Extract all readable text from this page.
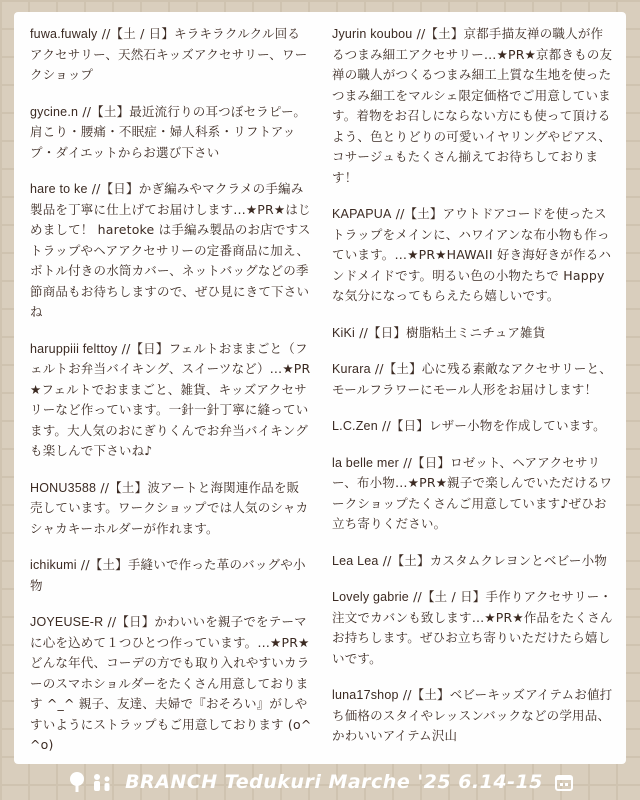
fuwa.fuwaly //【土 / 日】キラキラクルクル回るアクセサリー、天然石キッズアクセサリー、ワークショップ

gycine.n //【土】最近流行りの耳つぼセラピー。肩こり・腰痛・不眠症・婦人科系・リフトアップ・ダイエットからお選び下さい

hare to ke //【日】かぎ編みやマクラメの手編み製品を丁寧に仕上げてお届けします…★PR★はじめまして！ haretoke は手編み製品のお店ですストラップやヘアアクセサリーの定番商品に加え、ボトル付きの水筒カバー、ネットバッグなどの季節商品もお待ちしますので、ぜひ見にきて下さいね

haruppiii felttoy //【日】フェルトおままごと（フェルトお弁当バイキング、スイーツなど）…★PR★フェルトでおままごと、雑貨、キッズアクセサリーなど作っています。一針一針丁寧に縫っています。大人気のおにぎりくんでお弁当バイキングも楽しんで下さいね♪

HONU3588 //【土】波アートと海関連作品を販売しています。ワークショップでは人気のシャカシャカキーホルダーが作れます。

ichikumi //【土】手縫いで作った革のバッグや小物

JOYEUSE-R //【日】かわいいを親子でをテーマに心を込めて１つひとつ作っています。…★PR★どんな年代、コーデの方でも取り入れやすいカラーのスマホショルダーをたくさん用意しております ^_^ 親子、友達、夫婦で『おそろい』がしやすいようにストラップもご用意しております (o^^o)

Jyurin koubou //【土】京都手描友禅の職人が作るつまみ細工アクセサリー…★PR★京都きもの友禅の職人がつくるつまみ細工上質な生地を使ったつまみ細工をマルシェ限定価格でご用意しています。着物をお召しにならない方にも使って頂けるよう、色とりどりの可愛いイヤリングやピアス、コサージュもたくさん揃えてお待ちしております！

KAPAPUA //【土】アウトドアコードを使ったストラップをメインに、ハワイアンな布小物も作っています。…★PR★HAWAII 好き海好きが作るハンドメイドです。明るい色の小物たちで Happy な気分になってもらえたら嬉しいです。

KiKi //【日】樹脂粘土ミニチュア雑貨

Kurara //【土】心に残る素敵なアクセサリーと、モールフラワーにモール人形をお届けします！

L.C.Zen //【日】レザー小物を作成しています。

la belle mer //【日】ロゼット、ヘアアクセサリー、布小物…★PR★親子で楽しんでいただけるワークショップたくさんご用意しています♪ぜひお立ち寄りください。

Lea Lea //【土】カスタムクレヨンとベビー小物

Lovely gabrie //【土 / 日】手作りアクセサリー・注文でカバンも致します…★PR★作品をたくさんお持ちします。ぜひお立ち寄りいただけたら嬉しいです。

luna17shop //【土】ベビーキッズアイテムお値打ち価格のスタイやレッスンバックなどの学用品、かわいいアイテム沢山

BRANCH Tedukuri Marche '25 6.14-15
